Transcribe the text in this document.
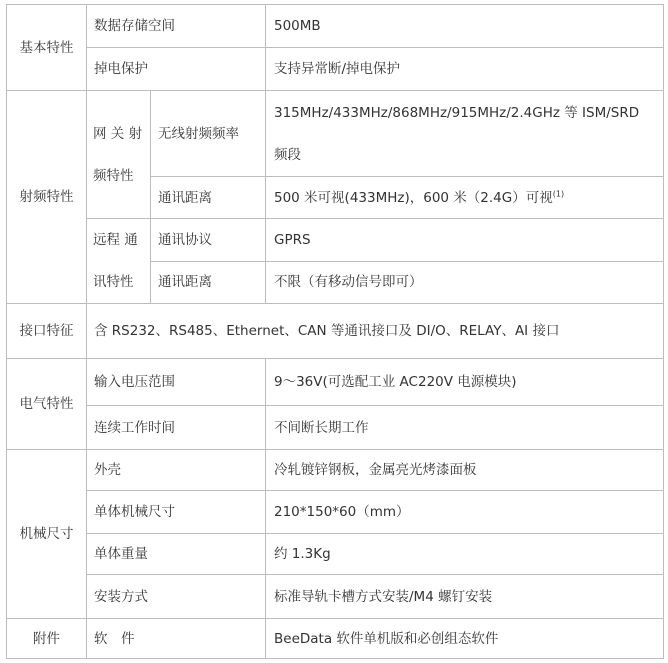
基本特性	数据存储空间		500MB
	掉电保护		支持异常断/掉电保护
射频特性	网 关 射 频特性	无线射频频率	315MHz/433MHz/868MHz/915MHz/2.4GHz 等 ISM/SRD 频段
		通讯距离	500 米可视(433MHz)，600 米（2.4G）可视$^{(1)}$
	远程 通 讯特性	通讯协议	GPRS
		通讯距离	不限（有移动信号即可）
接口特征	含 RS232、RS485、Ethernet、CAN 等通讯接口及 DI/O、RELAY、AI 接口		
电气特性	输入电压范围		9～36V(可选配工业 AC220V 电源模块)
	连续工作时间		不间断长期工作
机械尺寸	外壳		冷轧镀锌钢板，金属亮光烤漆面板
	单体机械尺寸		210*150*60（mm）
	单体重量		约 1.3Kg
	安装方式		标准导轨卡槽方式安装/M4 螺钉安装
附件	软　件		BeeData 软件单机版和必创组态软件
